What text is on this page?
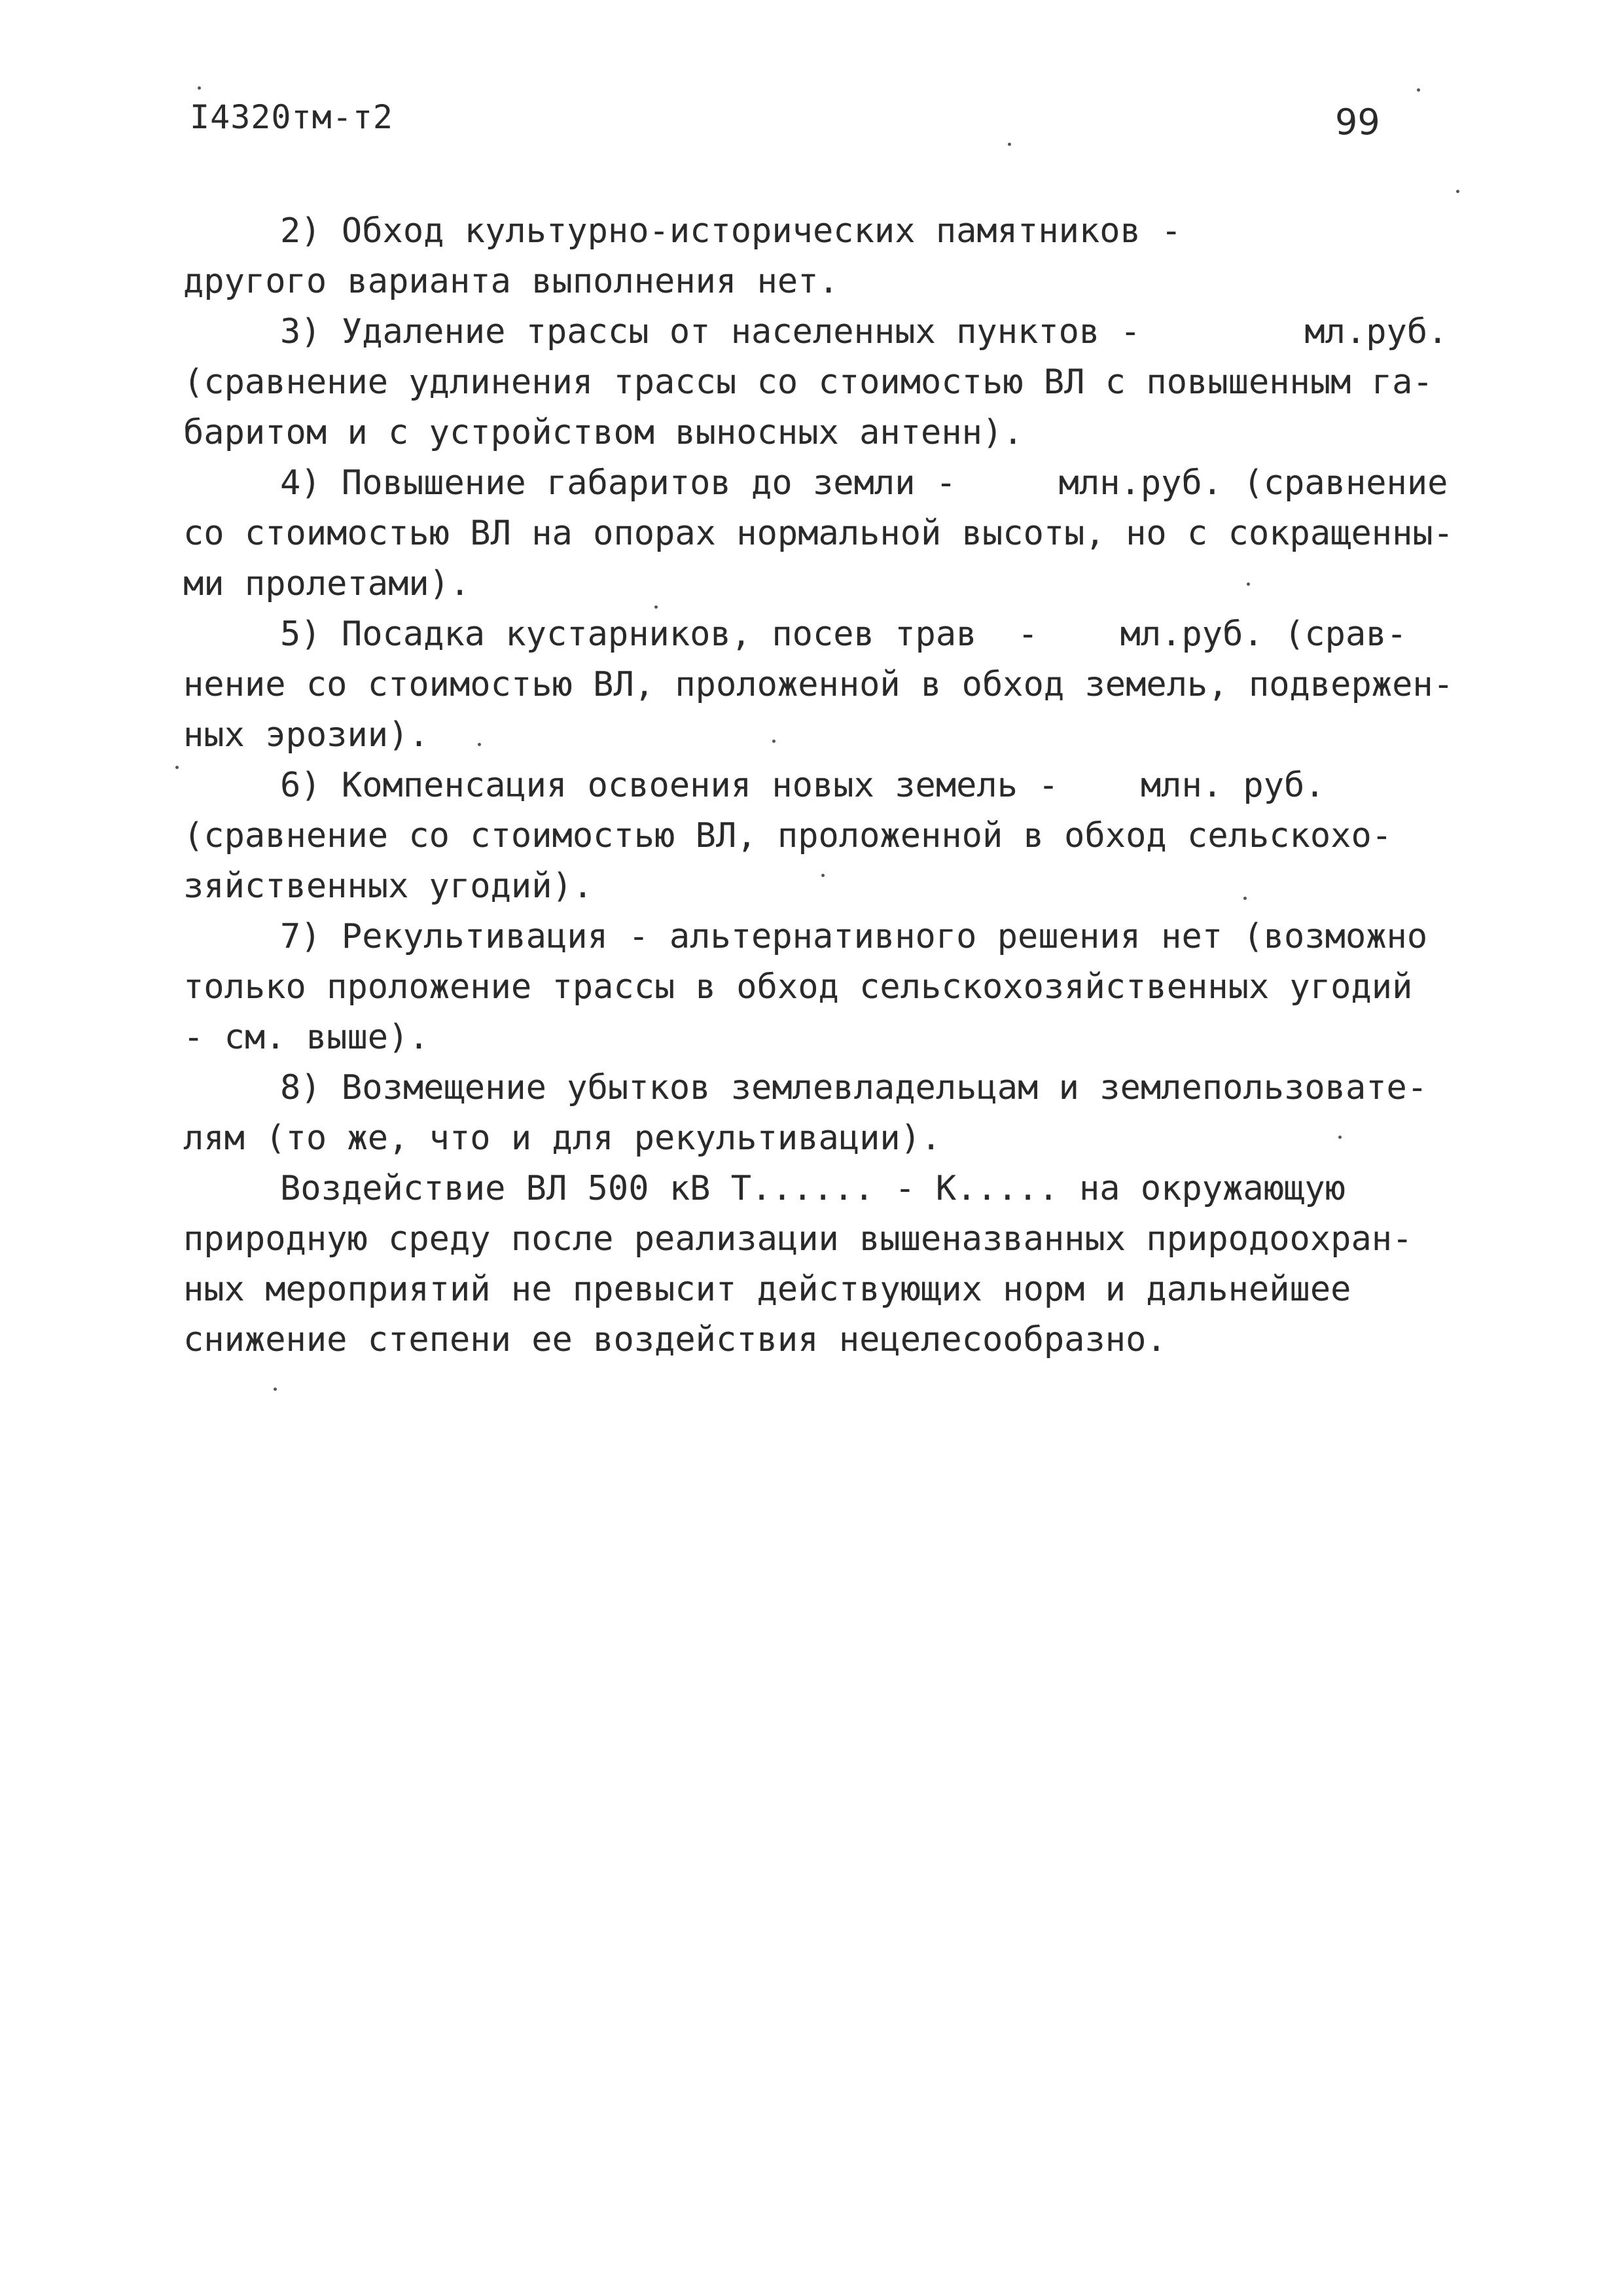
I4320тм-т2	99
2) Обход культурно-исторических памятников -
другого варианта выполнения нет.
3) Удаление трассы от населенных пунктов -        мл.руб.
(сравнение удлинения трассы со стоимостью ВЛ с повышенным га-
баритом и с устройством выносных антенн).
4) Повышение габаритов до земли -     млн.руб. (сравнение
со стоимостью ВЛ на опорах нормальной высоты, но с сокращенны-
ми пролетами).
5) Посадка кустарников, посев трав  -    мл.руб. (срав-
нение со стоимостью ВЛ, проложенной в обход земель, подвержен-
ных эрозии).
6) Компенсация освоения новых земель -    млн. руб.
(сравнение со стоимостью ВЛ, проложенной в обход сельскохо-
зяйственных угодий).
7) Рекультивация - альтернативного решения нет (возможно
только проложение трассы в обход сельскохозяйственных угодий
- см. выше).
8) Возмещение убытков землевладельцам и землепользовате-
лям (то же, что и для рекультивации).
Воздействие ВЛ 500 кВ Т...... - К..... на окружающую
природную среду после реализации вышеназванных природоохран-
ных мероприятий не превысит действующих норм и дальнейшее
снижение степени ее воздействия нецелесообразно.
